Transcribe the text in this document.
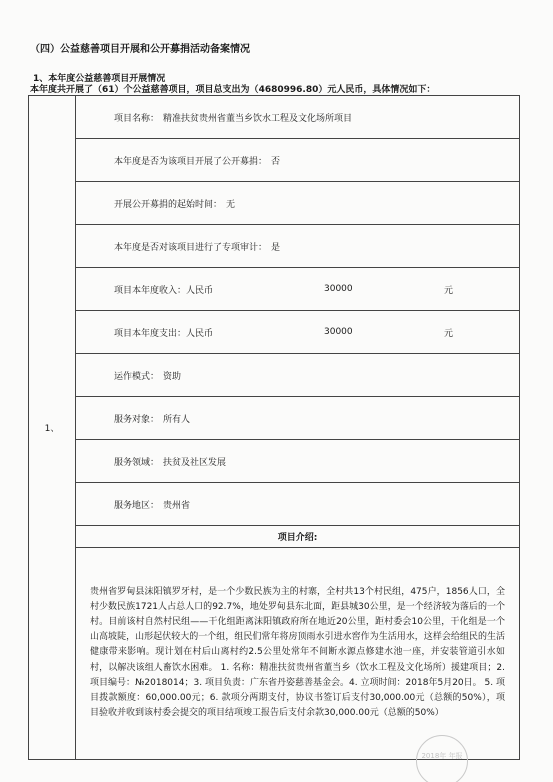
（四）公益慈善项目开展和公开募捐活动备案情况
1、本年度公益慈善项目开展情况
本年度共开展了（61）个公益慈善项目，项目总支出为（4680996.80）元人民币，具体情况如下：
1、	
项目名称： 精准扶贫贵州省董当乡饮水工程及文化场所项目

本年度是否为该项目开展了公开募捐： 否

开展公开募捐的起始时间： 无

本年度是否对该项目进行了专项审计： 是

项目本年度收入：人民币	30000	元

项目本年度支出：人民币	30000	元

运作模式： 资助

服务对象： 所有人

服务领域： 扶贫及社区发展

服务地区： 贵州省

项目介绍:

贵州省罗甸县沫阳镇罗牙村，是一个少数民族为主的村寨，全村共13个村民组，475户，1856人口，全村少数民族1721人占总人口的92.7%，地处罗甸县东北面，距县城30公里，是一个经济较为落后的一个村。目前该村自然村民组——干化组距离沫阳镇政府所在地近20公里，距村委会10公里，干化组是一个山高坡陡，山形起伏较大的一个组，组民们常年将房顶雨水引进水窖作为生活用水，这样会给组民的生活健康带来影响。现计划在村后山离村约2.5公里处常年不间断水源点修建水池一座，并安装管道引水如村，以解决该组人畜饮水困难。 1. 名称：精准扶贫贵州省董当乡（饮水工程及文化场所）援建项目；2. 项目编号：№2018014；3. 项目负责：广东省丹姿慈善基金会。4. 立项时间：2018年5月20日。 5. 项目拨款额度：60,000.00元；6. 款项分两期支付，协议书签订后支付30,000.00元（总额的50%），项目验收并收到该村委会提交的项目结项竣工报告后支付余款30,000.00元（总额的50%）

2018年 年报
